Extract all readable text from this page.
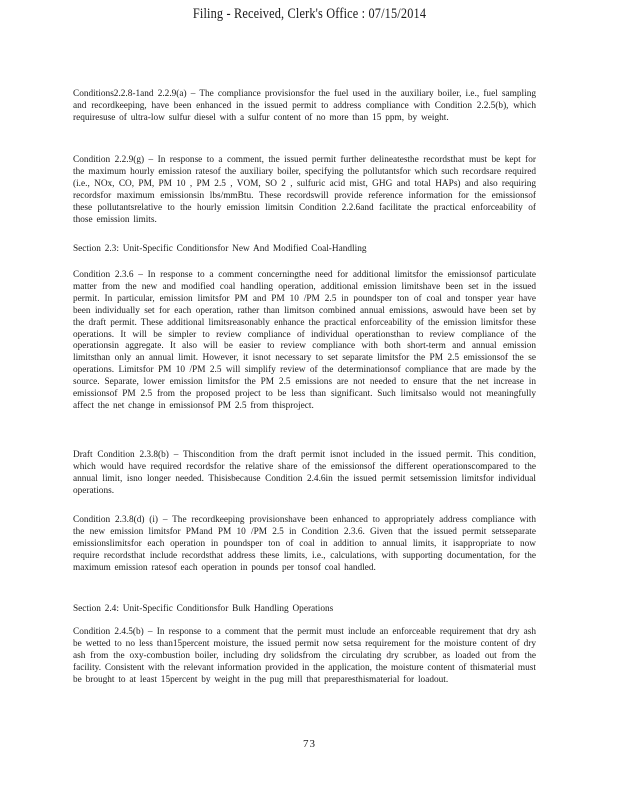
Filing - Received, Clerk's Office : 07/15/2014

Conditions2.2.8-1and 2.2.9(a) – The compliance provisionsfor the fuel used in the auxiliary boiler, i.e., fuel sampling and recordkeeping, have been enhanced in the issued permit to address compliance with Condition 2.2.5(b), which requiresuse of ultra-low sulfur diesel with a sulfur content of no more than 15 ppm, by weight.

Condition 2.2.9(g) – In response to a comment, the issued permit further delineatesthe recordsthat must be kept for the maximum hourly emission ratesof the auxiliary boiler, specifying the pollutantsfor which such recordsare required (i.e., NOx, CO, PM, PM 10 , PM 2.5 , VOM, SO 2 , sulfuric acid mist, GHG and total HAPs) and also requiring recordsfor maximum emissionsin lbs/mmBtu. These recordswill provide reference information for the emissionsof these pollutantsrelative to the hourly emission limitsin Condition 2.2.6and facilitate the practical enforceability of those emission limits.

Section 2.3: Unit-Specific Conditionsfor New And Modified Coal-Handling

Condition 2.3.6 – In response to a comment concerningthe need for additional limitsfor the emissionsof particulate matter from the new and modified coal handling operation, additional emission limitshave been set in the issued permit. In particular, emission limitsfor PM and PM 10 /PM 2.5 in poundsper ton of coal and tonsper year have been individually set for each operation, rather than limitson combined annual emissions, aswould have been set by the draft permit. These additional limitsreasonably enhance the practical enforceability of the emission limitsfor these operations. It will be simpler to review compliance of individual operationsthan to review compliance of the operationsin aggregate. It also will be easier to review compliance with both short-term and annual emission limitsthan only an annual limit. However, it isnot necessary to set separate limitsfor the PM 2.5 emissionsof the se operations. Limitsfor PM 10 /PM 2.5 will simplify review of the determinationsof compliance that are made by the source. Separate, lower emission limitsfor the PM 2.5 emissions are not needed to ensure that the net increase in emissionsof PM 2.5 from the proposed project to be less than significant. Such limitsalso would not meaningfully affect the net change in emissionsof PM 2.5 from thisproject.

Draft Condition 2.3.8(b) – Thiscondition from the draft permit isnot included in the issued permit. This condition, which would have required recordsfor the relative share of the emissionsof the different operationscompared to the annual limit, isno longer needed. Thisisbecause Condition 2.4.6in the issued permit setsemission limitsfor individual operations.

Condition 2.3.8(d) (i) – The recordkeeping provisionshave been enhanced to appropriately address compliance with the new emission limitsfor PMand PM 10 /PM 2.5 in Condition 2.3.6. Given that the issued permit setsseparate emissionslimitsfor each operation in poundsper ton of coal in addition to annual limits, it isappropriate to now require recordsthat include recordsthat address these limits, i.e., calculations, with supporting documentation, for the maximum emission ratesof each operation in pounds per tonsof coal handled.

Section 2.4: Unit-Specific Conditionsfor Bulk Handling Operations

Condition 2.4.5(b) – In response to a comment that the permit must include an enforceable requirement that dry ash be wetted to no less than15percent moisture, the issued permit now setsa requirement for the moisture content of dry ash from the oxy-combustion boiler, including dry solidsfrom the circulating dry scrubber, as loaded out from the facility. Consistent with the relevant information provided in the application, the moisture content of thismaterial must be brought to at least 15percent by weight in the pug mill that preparesthismaterial for loadout.

73
